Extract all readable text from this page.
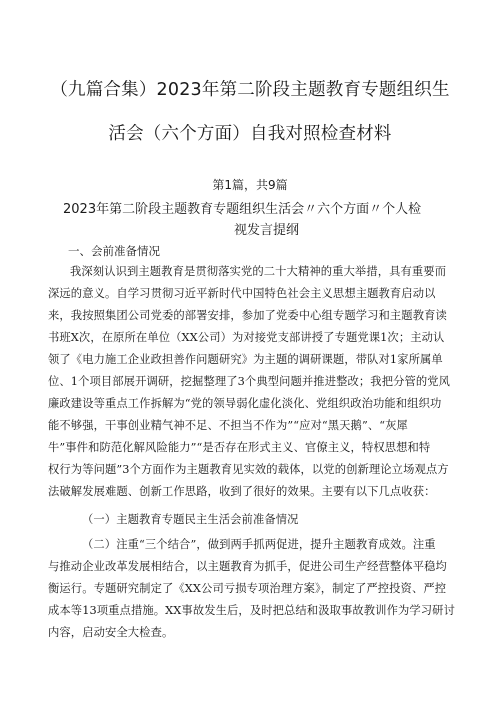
（九篇合集）2023年第二阶段主题教育专题组织生
活会（六个方面）自我对照检查材料
第1篇，共9篇
2023年第二阶段主题教育专题组织生活会〃六个方面〃个人检
视发言提纲
一、会前准备情况
我深刻认识到主题教育是贯彻落实党的二十大精神的重大举措，具有重要而
深远的意义。自学习贯彻习近平新时代中国特色社会主义思想主题教育启动以
来，我按照集团公司党委的部署安排，参加了党委中心组专题学习和主题教育读
书班X次，在原所在单位（XX公司）为对接党支部讲授了专题党课1次；主动认
领了《电力施工企业政担善作问题研究》为主题的调研课题，带队对1家所属单
位、1个项目部展开调研，挖掘整理了3个典型问题并推进整改；我把分管的党风
廉政建设等重点工作拆解为“党的领导弱化虚化淡化、党组织政治功能和组织功
能不够强，干事创业精气神不足、不担当不作为”“应对“黑天鹅”、“灰犀
牛”事件和防范化解风险能力”“是否存在形式主义、官僚主义，特权思想和特
权行为等问题”3个方面作为主题教育见实效的载体，以党的创新理论立场观点方
法破解发展难题、创新工作思路，收到了很好的效果。主要有以下几点收获：
（一）主题教育专题民主生活会前准备情况
（二）注重“三个结合”，做到两手抓两促进，提升主题教育成效。注重
与推动企业改革发展相结合，以主题教育为抓手，促进公司生产经营整体平稳均
衡运行。专题研究制定了《XX公司亏损专项治理方案》，制定了严控投资、严控
成本等13项重点措施。XX事故发生后，及时把总结和汲取事故教训作为学习研讨
内容，启动安全大检查。
